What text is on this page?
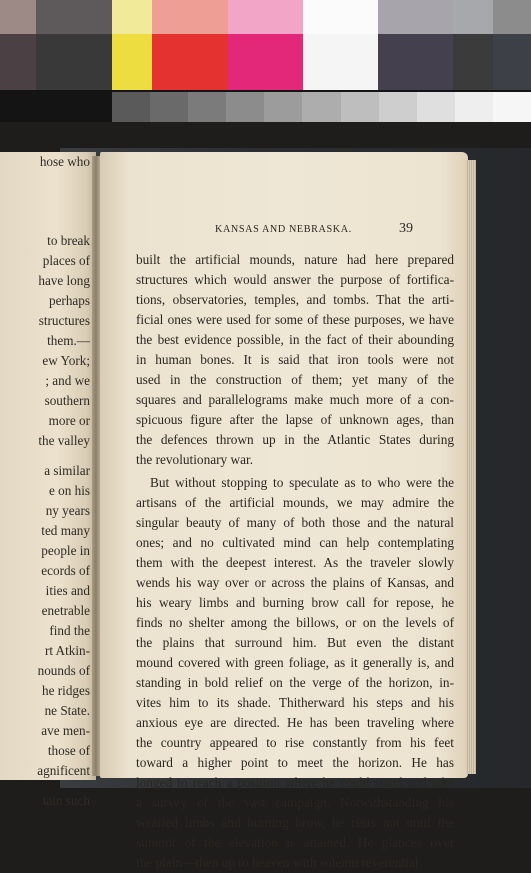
to break
places of
have long
perhaps
structures
them.—
ew York;
; and we
southern
more or
the valley
a similar
e on his
ny years
ted many
people in
ecords of
ities and
enetrable
find the
rt Atkin-
nounds of
he ridges
ne State.
ave men-
those of
agnificent
tain such
hose who
KANSAS AND NEBRASKA.	39
built the artificial mounds, nature had here prepared
structures which would answer the purpose of fortifica-
tions, observatories, temples, and tombs. That the arti-
ficial ones were used for some of these purposes, we have
the best evidence possible, in the fact of their abounding
in human bones. It is said that iron tools were not
used in the construction of them; yet many of the
squares and parallelograms make much more of a con-
spicuous figure after the lapse of unknown ages, than
the defences thrown up in the Atlantic States during
the revolutionary war.
But without stopping to speculate as to who were the
artisans of the artificial mounds, we may admire the
singular beauty of many of both those and the natural
ones; and no cultivated mind can help contemplating
them with the deepest interest. As the traveler slowly
wends his way over or across the plains of Kansas, and
his weary limbs and burning brow call for repose, he
finds no shelter among the billows, or on the levels of
the plains that surround him. But even the distant
mound covered with green foliage, as it generally is, and
standing in bold relief on the verge of the horizon, in-
vites him to its shade. Thitherward his steps and his
anxious eye are directed. He has been traveling where
the country appeared to rise constantly from his feet
toward a higher point to meet the horizon. He has
longed to reach a position where he could stand and take
a survey of the vast campaign. Notwithstanding his
wearied limbs and burning brow, he rests not until the
summit of the elevation is attained. He glances over
the plain—then up to heaven with solemn reverential
